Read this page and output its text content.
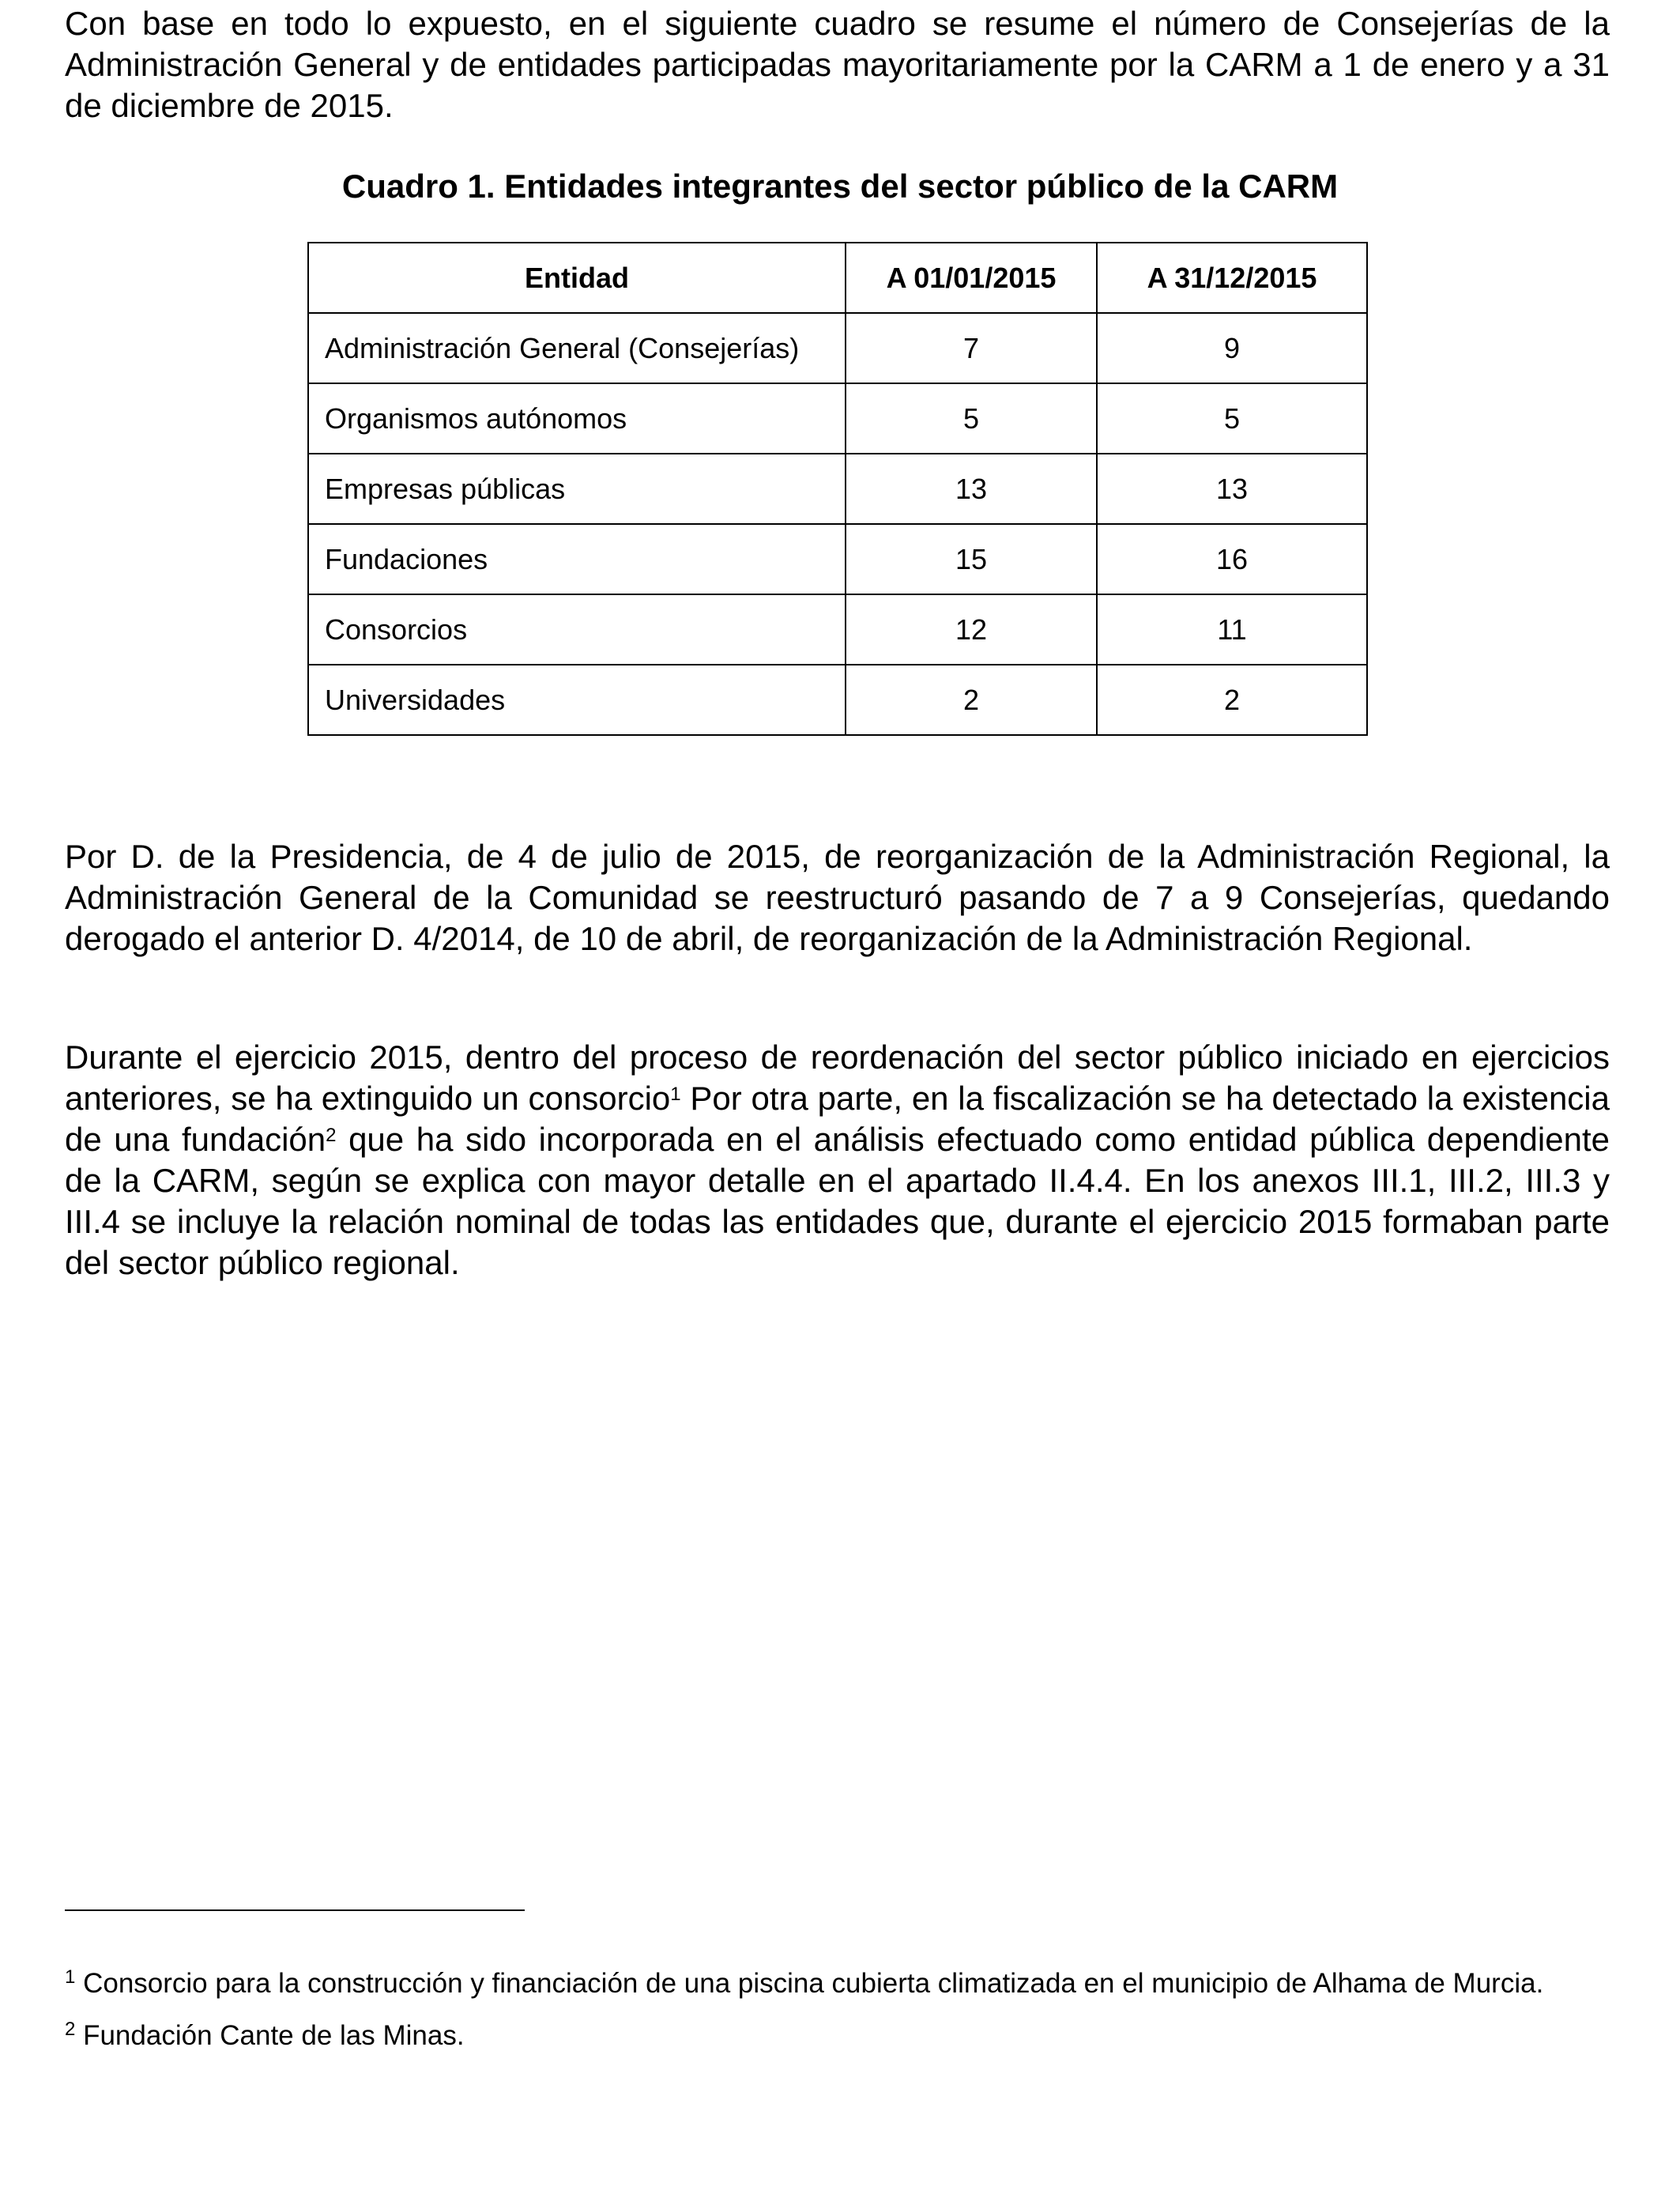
Con base en todo lo expuesto, en el siguiente cuadro se resume el número de Consejerías de la Administración General y de entidades participadas mayoritariamente por la CARM a 1 de enero y a 31 de diciembre de 2015.

Cuadro 1. Entidades integrantes del sector público de la CARM

Entidad	A 01/01/2015	A 31/12/2015
Administración General (Consejerías)	7	9
Organismos autónomos	5	5
Empresas públicas	13	13
Fundaciones	15	16
Consorcios	12	11
Universidades	2	2

Por D. de la Presidencia, de 4 de julio de 2015, de reorganización de la Administración Regional, la Administración General de la Comunidad se reestructuró pasando de 7 a 9 Consejerías, quedando derogado el anterior D. 4/2014, de 10 de abril, de reorganización de la Administración Regional.

Durante el ejercicio 2015, dentro del proceso de reordenación del sector público iniciado en ejercicios anteriores, se ha extinguido un consorcio$^1$ Por otra parte, en la fiscalización se ha detectado la existencia de una fundación$^2$ que ha sido incorporada en el análisis efectuado como entidad pública dependiente de la CARM, según se explica con mayor detalle en el apartado II.4.4. En los anexos III.1, III.2, III.3 y III.4 se incluye la relación nominal de todas las entidades que, durante el ejercicio 2015 formaban parte del sector público regional.

$^1$ Consorcio para la construcción y financiación de una piscina cubierta climatizada en el municipio de Alhama de Murcia.

$^2$ Fundación Cante de las Minas.
